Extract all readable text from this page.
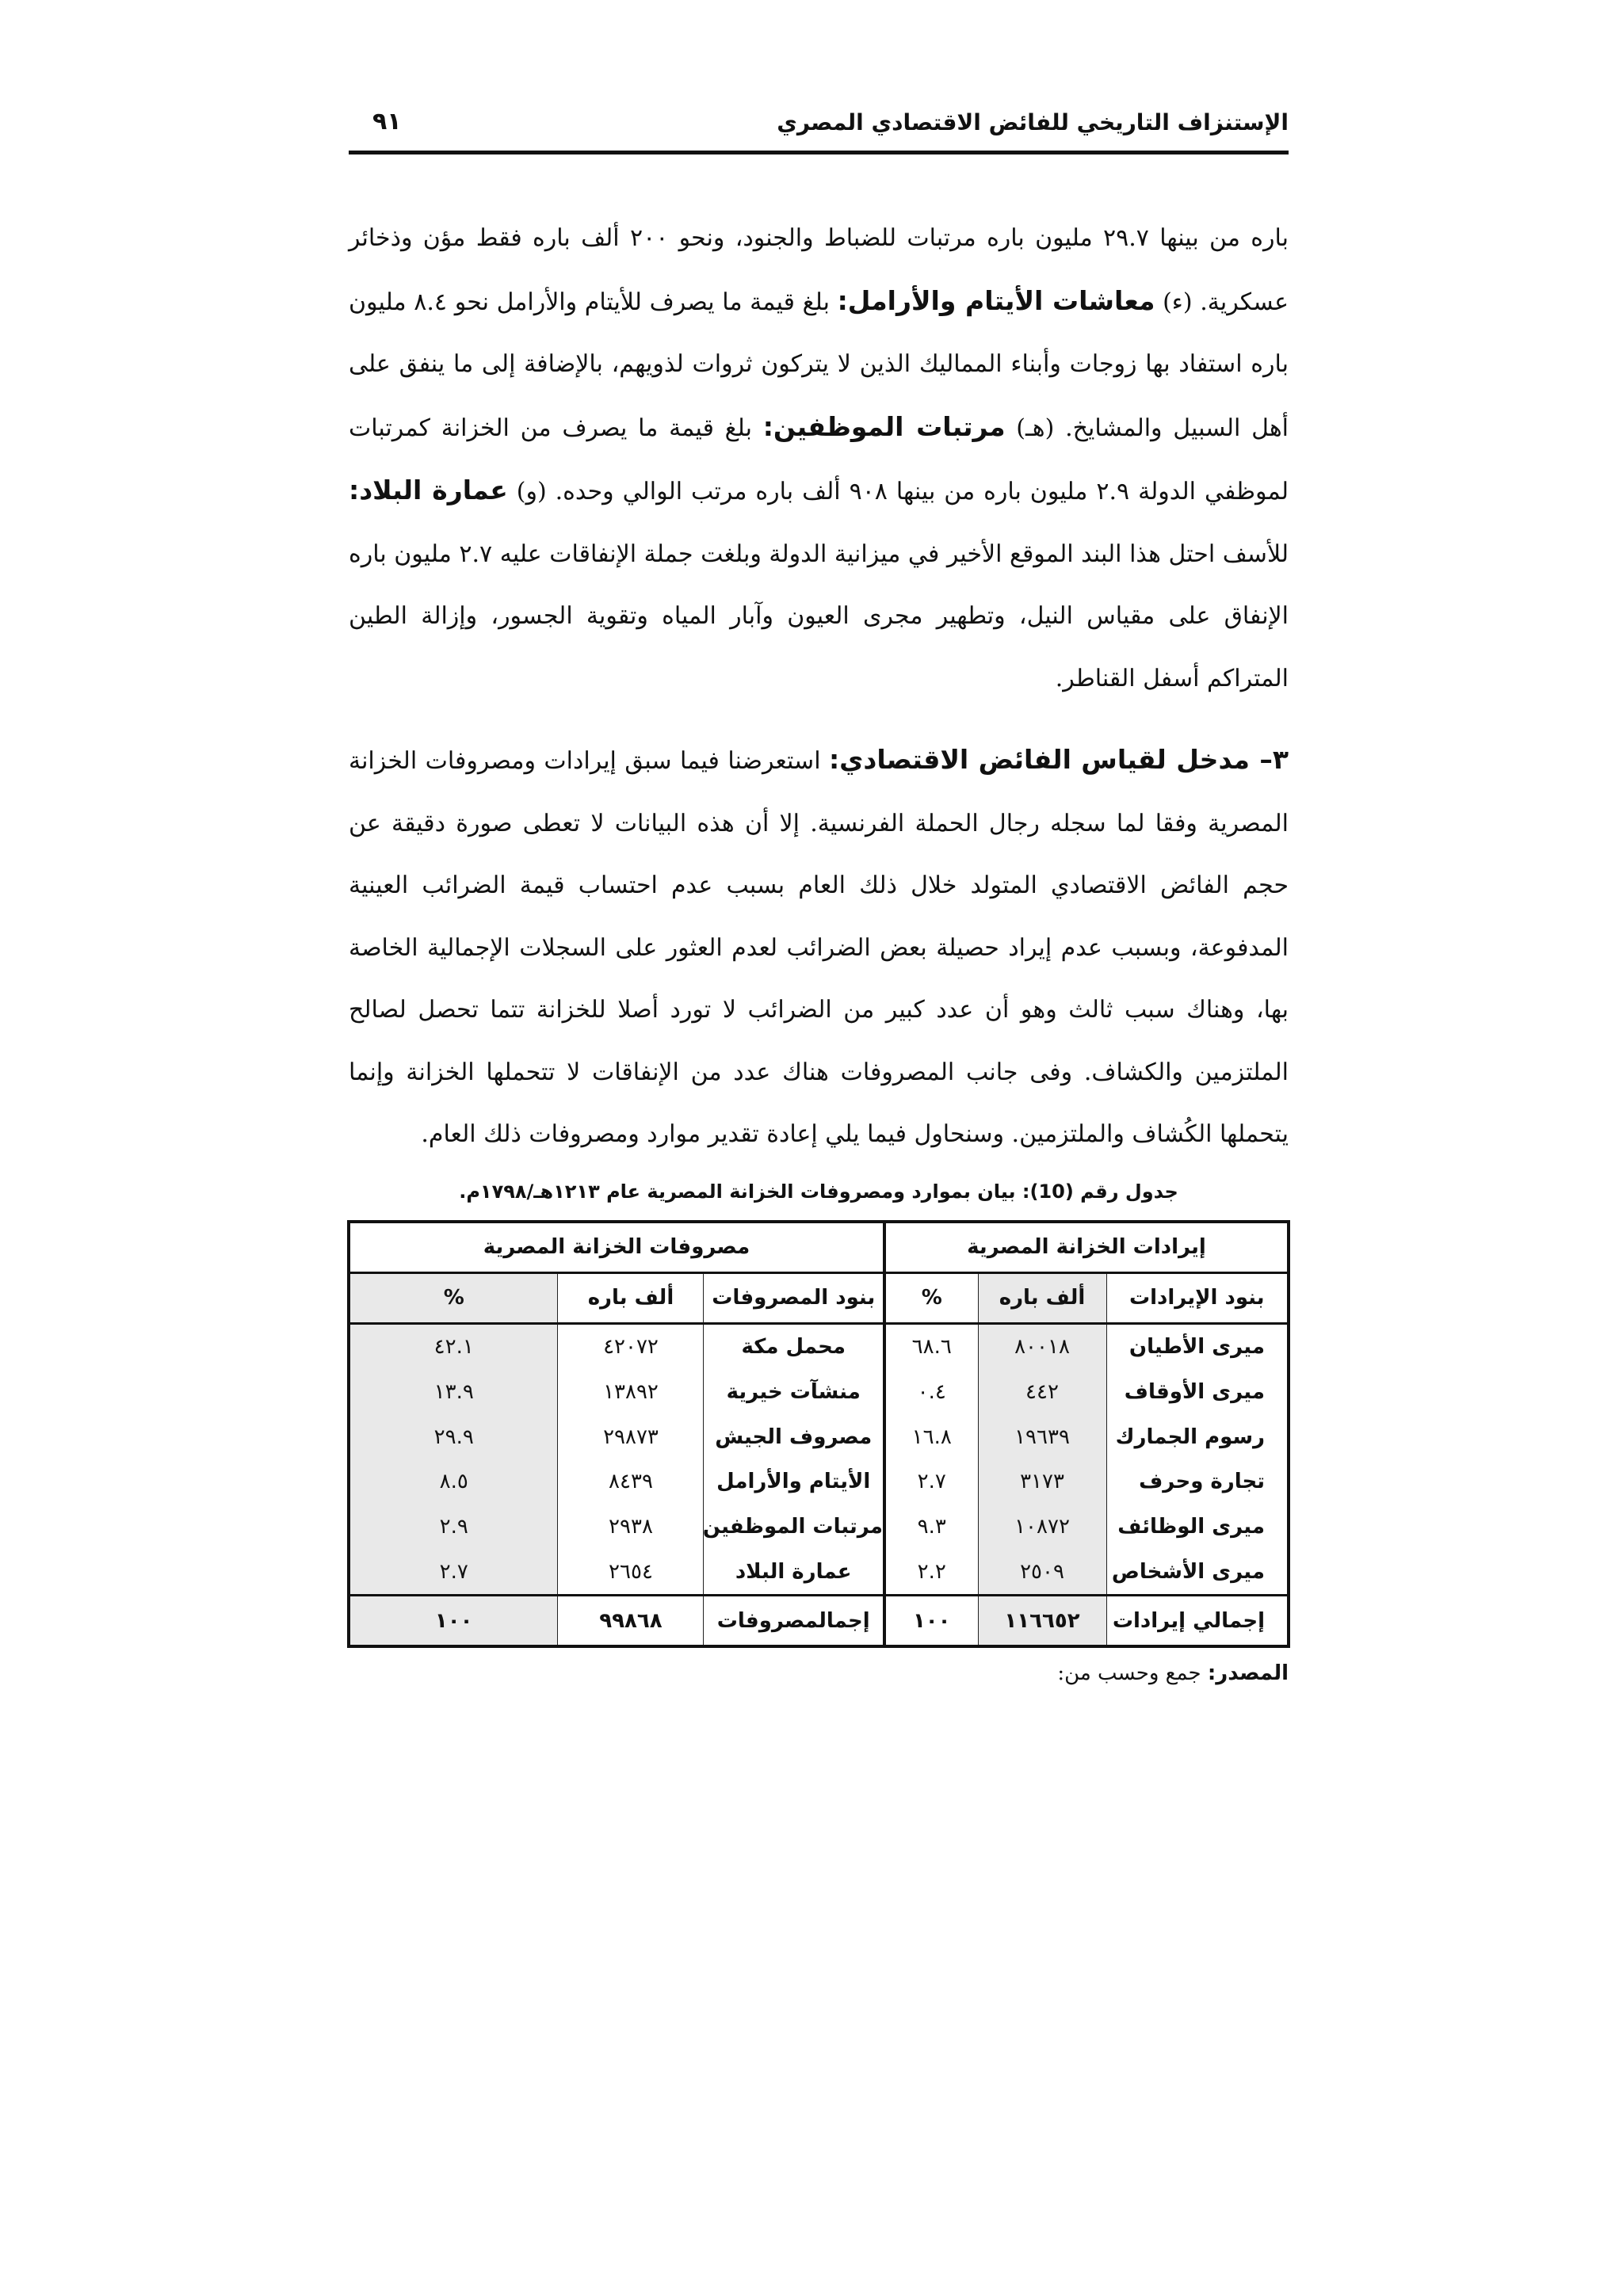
الإستنزاف التاريخي للفائض الاقتصادي المصري
٩١

باره من بينها ٢٩.٧ مليون باره مرتبات للضباط والجنود، ونحو ٢٠٠ ألف باره فقط مؤن وذخائر عسكرية. (ء) معاشات الأيتام والأرامل: بلغ قيمة ما يصرف للأيتام والأرامل نحو ٨.٤ مليون باره استفاد بها زوجات وأبناء المماليك الذين لا يتركون ثروات لذويهم، بالإضافة إلى ما ينفق على أهل السبيل والمشايخ. (هـ) مرتبات الموظفين: بلغ قيمة ما يصرف من الخزانة كمرتبات لموظفي الدولة ٢.٩ مليون باره من بينها ٩٠٨ ألف باره مرتب الوالي وحده. (و) عمارة البلاد: للأسف احتل هذا البند الموقع الأخير في ميزانية الدولة وبلغت جملة الإنفاقات عليه ٢.٧ مليون باره الإنفاق على مقياس النيل، وتطهير مجرى العيون وآبار المياه وتقوية الجسور، وإزالة الطين المتراكم أسفل القناطر.

٣– مدخل لقياس الفائض الاقتصادي: استعرضنا فيما سبق إيرادات ومصروفات الخزانة المصرية وفقا لما سجله رجال الحملة الفرنسية. إلا أن هذه البيانات لا تعطى صورة دقيقة عن حجم الفائض الاقتصادي المتولد خلال ذلك العام بسبب عدم احتساب قيمة الضرائب العينية المدفوعة، وبسبب عدم إيراد حصيلة بعض الضرائب لعدم العثور على السجلات الإجمالية الخاصة بها، وهناك سبب ثالث وهو أن عدد كبير من الضرائب لا تورد أصلا للخزانة تتما تحصل لصالح الملتزمين والكشاف. وفى جانب المصروفات هناك عدد من الإنفاقات لا تتحملها الخزانة وإنما يتحملها الكُشاف والملتزمين. وسنحاول فيما يلي إعادة تقدير موارد ومصروفات ذلك العام.

جدول رقم (10): بيان بموارد ومصروفات الخزانة المصرية عام ١٢١٣هـ/١٧٩٨م.
إيرادات الخزانة المصرية			مصروفات الخزانة المصرية		
بنود الإيرادات	ألف باره	%	بنود المصروفات	ألف باره	%
ميرى الأطيان	٨٠٠١٨	٦٨.٦	محمل مكة	٤٢٠٧٢	٤٢.١
ميرى الأوقاف	٤٤٢	٠.٤	منشآت خيرية	١٣٨٩٢	١٣.٩
رسوم الجمارك	١٩٦٣٩	١٦.٨	مصروف الجيش	٢٩٨٧٣	٢٩.٩
تجارة وحرف	٣١٧٣	٢.٧	الأيتام والأرامل	٨٤٣٩	٨.٥
ميرى الوظائف	١٠٨٧٢	٩.٣	مرتبات الموظفين	٢٩٣٨	٢.٩
ميرى الأشخاص	٢٥٠٩	٢.٢	عمارة البلاد	٢٦٥٤	٢.٧
إجمالي إيرادات	١١٦٦٥٢	١٠٠	إجمالمصروفات	٩٩٨٦٨	١٠٠
المصدر: جمع وحسب من:
